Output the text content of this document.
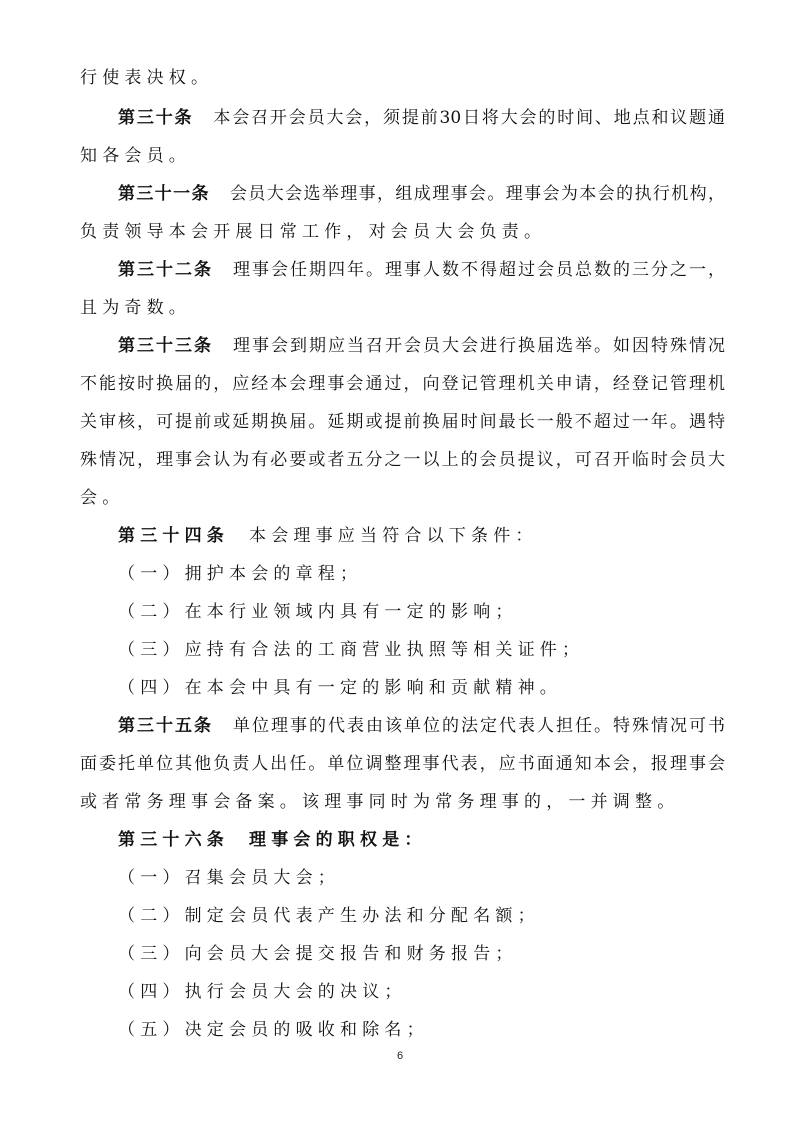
行使表决权。
第三十条 本会召开会员大会，须提前30日将大会的时间、地点和议题通
知各会员。
第三十一条 会员大会选举理事，组成理事会。理事会为本会的执行机构，
负责领导本会开展日常工作，对会员大会负责。
第三十二条 理事会任期四年。理事人数不得超过会员总数的三分之一，
且为奇数。
第三十三条 理事会到期应当召开会员大会进行换届选举。如因特殊情况
不能按时换届的，应经本会理事会通过，向登记管理机关申请，经登记管理机
关审核，可提前或延期换届。延期或提前换届时间最长一般不超过一年。遇特
殊情况，理事会认为有必要或者五分之一以上的会员提议，可召开临时会员大
会。
第三十四条 本会理事应当符合以下条件：
（一）拥护本会的章程；
（二）在本行业领域内具有一定的影响；
（三）应持有合法的工商营业执照等相关证件；
（四）在本会中具有一定的影响和贡献精神。
第三十五条 单位理事的代表由该单位的法定代表人担任。特殊情况可书
面委托单位其他负责人出任。单位调整理事代表，应书面通知本会，报理事会
或者常务理事会备案。该理事同时为常务理事的，一并调整。
第三十六条 理事会的职权是：
（一）召集会员大会；
（二）制定会员代表产生办法和分配名额；
（三）向会员大会提交报告和财务报告；
（四）执行会员大会的决议；
（五）决定会员的吸收和除名；
6
